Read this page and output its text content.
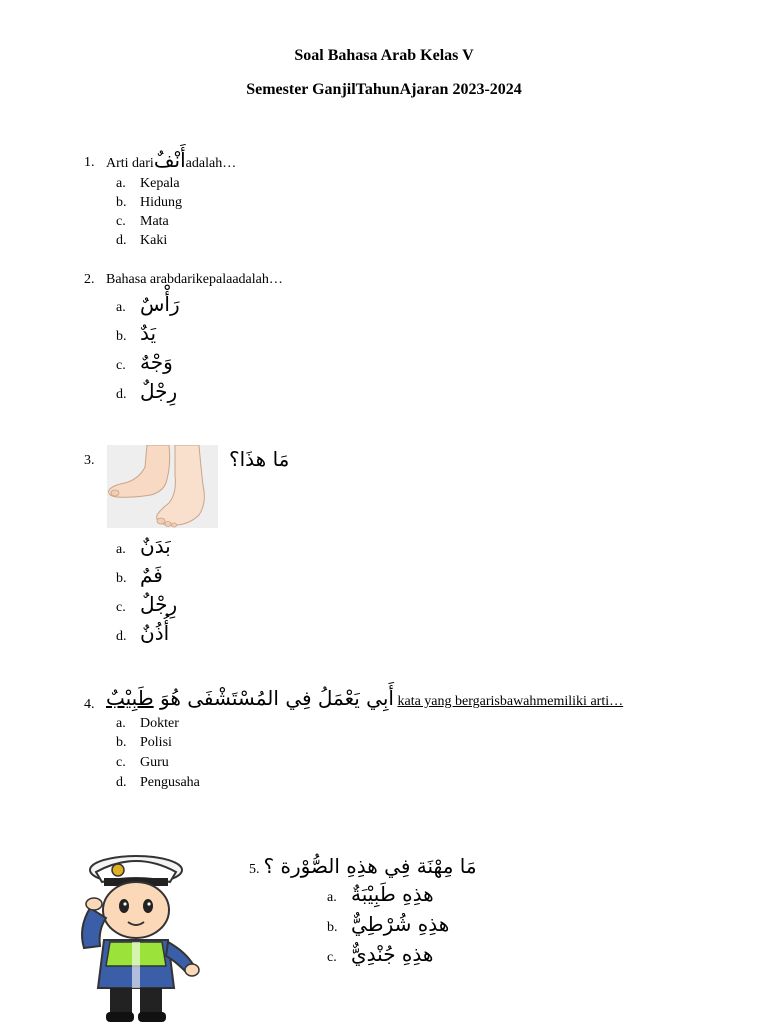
Soal Bahasa Arab Kelas V
Semester GanjilTahunAjaran 2023-2024
1. Arti dariأَنْفٌadalah…
a. Kepala
b. Hidung
c. Mata
d. Kaki
2. Bahasa arabdarikepalaadalah…
a. رَأْسٌ
b. يَدٌ
c. وَجْهٌ
d. رِجْلٌ
3.	مَا هذَا؟
a. بَدَنٌ
b. فَمٌ
c. رِجْلٌ
d. أُذُنٌ
4.	أَبِي يَعْمَلُ فِي المُسْتَشْفَى هُوَ طَبِيْبٌ	kata yang bergarisbawahmemiliki arti…
a. Dokter
b. Polisi
c. Guru
d. Pengusaha
5. مَا مِهْنَة فِي هذِهِ الصُّوْرة ؟
a. هذِهِ طَبِيْبَةٌ
b. هذِهِ شُرْطِيٌّ
c. هذِهِ جُنْدِيٌّ
